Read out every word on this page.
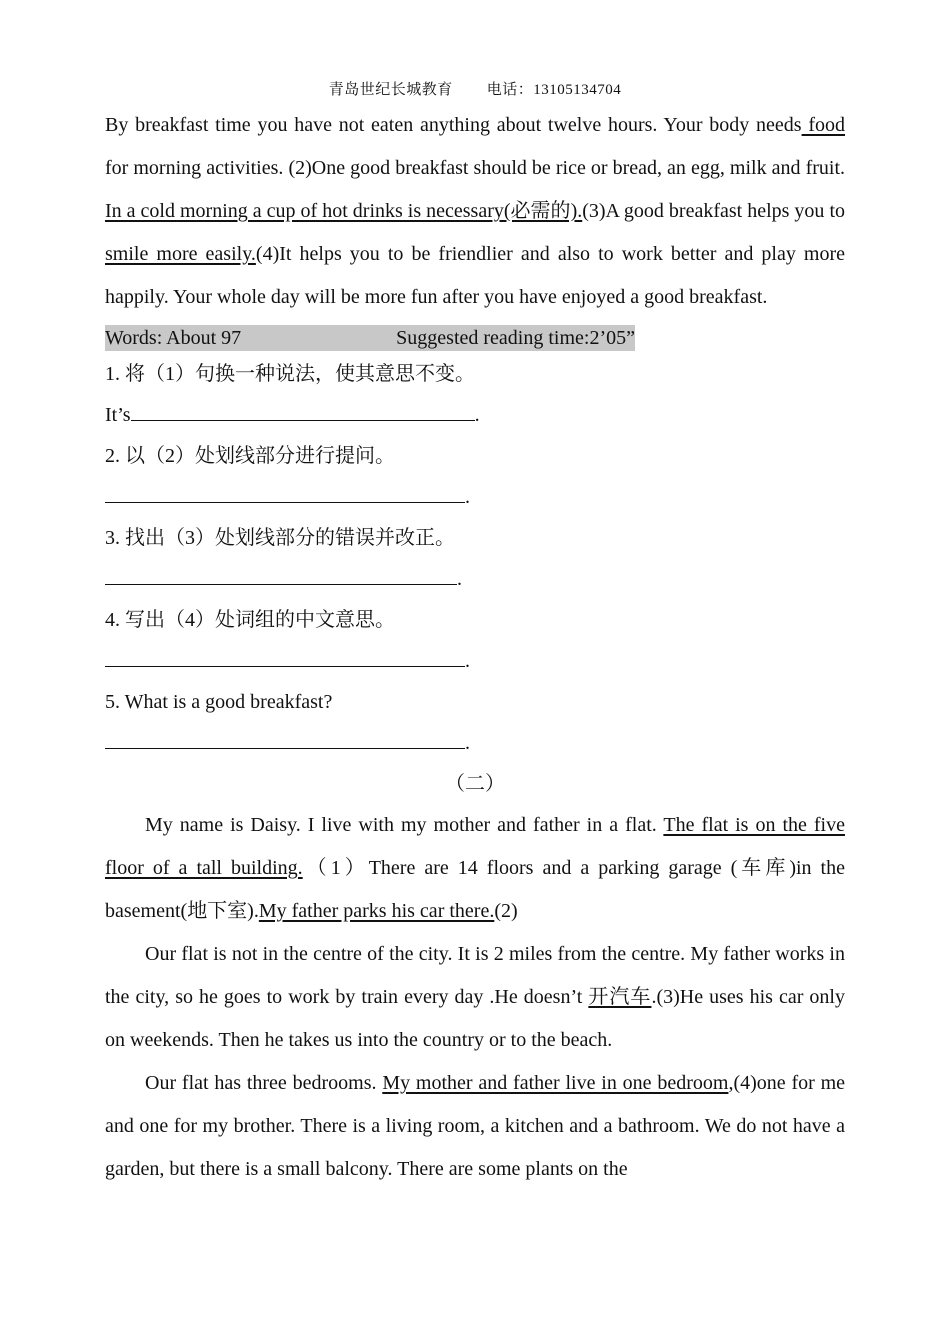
青岛世纪长城教育 电话：13105134704

By breakfast time you have not eaten anything about twelve hours. Your body needs food for morning activities. (2)One good breakfast should be rice or bread, an egg, milk and fruit. In a cold morning a cup of hot drinks is necessary(必需的).(3)A good breakfast helps you to smile more easily.(4)It helps you to be friendlier and also to work better and play more happily. Your whole day will be more fun after you have enjoyed a good breakfast.

Words: About 97	Suggested reading time:2’05”

1. 将（1）句换一种说法，使其意思不变。

It’s	.

2. 以（2）处划线部分进行提问。

.

3. 找出（3）处划线部分的错误并改正。

.

4. 写出（4）处词组的中文意思。

.

5. What is a good breakfast?

.

（二）

My name is Daisy. I live with my mother and father in a flat. The flat is on the five floor of a tall building.（1）There are 14 floors and a parking garage (车库)in the basement(地下室).My father parks his car there.(2)

Our flat is not in the centre of the city. It is 2 miles from the centre. My father works in the city, so he goes to work by train every day .He doesn’t 开汽车.(3)He uses his car only on weekends. Then he takes us into the country or to the beach.

Our flat has three bedrooms. My mother and father live in one bedroom,(4)one for me and one for my brother. There is a living room, a kitchen and a bathroom. We do not have a garden, but there is a small balcony. There are some plants on the
